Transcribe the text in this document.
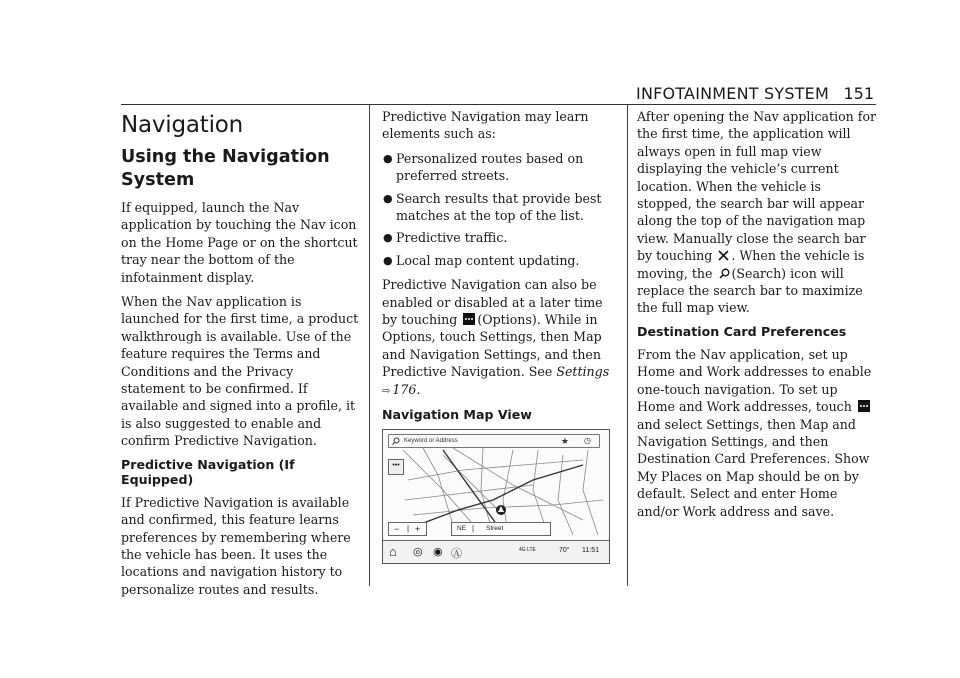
INFOTAINMENT SYSTEM 151
Navigation
Using the Navigation System

If equipped, launch the Nav application by touching the Nav icon on the Home Page or on the shortcut tray near the bottom of the infotainment display.

When the Nav application is launched for the first time, a product walkthrough is available. Use of the feature requires the Terms and Conditions and the Privacy statement to be confirmed. If available and signed into a profile, it is also suggested to enable and confirm Predictive Navigation.

Predictive Navigation (If Equipped)

If Predictive Navigation is available and confirmed, this feature learns preferences by remembering where the vehicle has been. It uses the locations and navigation history to personalize routes and results.

Predictive Navigation may learn elements such as:

● Personalized routes based on preferred streets.
● Search results that provide best matches at the top of the list.
● Predictive traffic.
● Local map content updating.

Predictive Navigation can also be enabled or disabled at a later time by touching (Options). While in Options, touch Settings, then Map and Navigation Settings, and then Predictive Navigation. See Settings
⇨ 176.

Navigation Map View
Keyword or Address	★ ◷
•••
− | +	NE | Street
⌂ ◎ ◉ Ⓐ	4G LTE	70° 11:51

After opening the Nav application for the first time, the application will always open in full map view displaying the vehicle’s current location. When the vehicle is stopped, the search bar will appear along the top of the navigation map view. Manually close the search bar by touching . When the vehicle is moving, the (Search) icon will replace the search bar to maximize the full map view.

Destination Card Preferences

From the Nav application, set up Home and Work addresses to enable one-touch navigation. To set up Home and Work addresses, touch and select Settings, then Map and Navigation Settings, and then Destination Card Preferences. Show My Places on Map should be on by default. Select and enter Home and/or Work address and save.
